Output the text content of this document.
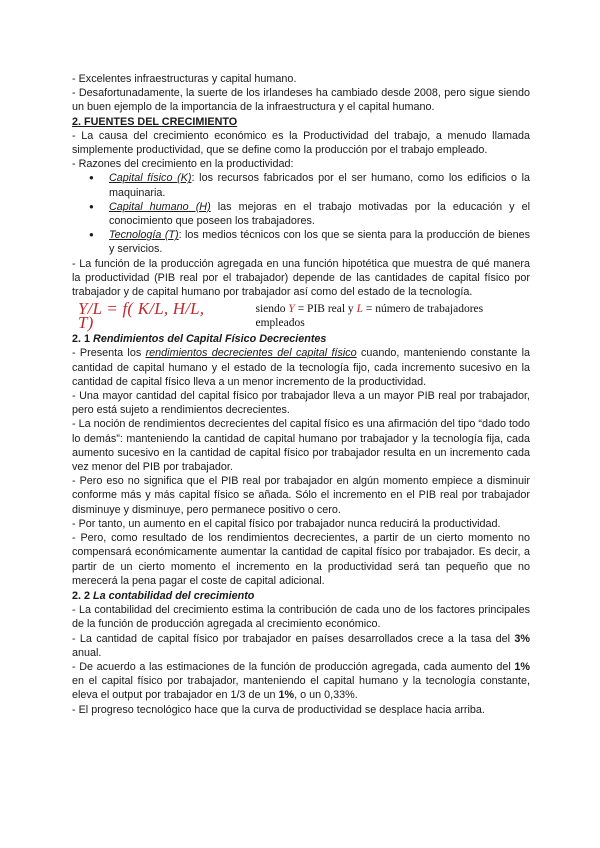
- Excelentes infraestructuras y capital humano.

- Desafortunadamente, la suerte de los irlandeses ha cambiado desde 2008, pero sigue siendo un buen ejemplo de la importancia de la infraestructura y el capital humano.

2. FUENTES DEL CRECIMIENTO

- La causa del crecimiento económico es la Productividad del trabajo, a menudo llamada simplemente productividad, que se define como la producción por el trabajo empleado.

- Razones del crecimiento en la productividad:

● Capital físico (K): los recursos fabricados por el ser humano, como los edificios o la maquinaria.
● Capital humano (H) las mejoras en el trabajo motivadas por la educación y el conocimiento que poseen los trabajadores.
● Tecnología (T): los medios técnicos con los que se sienta para la producción de bienes y servicios.

- La función de la producción agregada en una función hipotética que muestra de qué manera la productividad (PIB real por el trabajador) depende de las cantidades de capital físico por trabajador y de capital humano por trabajador así como del estado de la tecnología.

Y/L = f( K/L, H/L, T)
siendo Y = PIB real y L = número de trabajadores empleados

2. 1 Rendimientos del Capital Físico Decrecientes

- Presenta los rendimientos decrecientes del capital físico cuando, manteniendo constante la cantidad de capital humano y el estado de la tecnología fijo, cada incremento sucesivo en la cantidad de capital físico lleva a un menor incremento de la productividad.

- Una mayor cantidad del capital físico por trabajador lleva a un mayor PIB real por trabajador, pero está sujeto a rendimientos decrecientes.

- La noción de rendimientos decrecientes del capital físico es una afirmación del tipo “dado todo lo demás”: manteniendo la cantidad de capital humano por trabajador y la tecnología fija, cada aumento sucesivo en la cantidad de capital físico por trabajador resulta en un incremento cada vez menor del PIB por trabajador.

- Pero eso no significa que el PIB real por trabajador en algún momento empiece a disminuir conforme más y más capital físico se añada. Sólo el incremento en el PIB real por trabajador disminuye y disminuye, pero permanece positivo o cero.

- Por tanto, un aumento en el capital físico por trabajador nunca reducirá la productividad.

- Pero, como resultado de los rendimientos decrecientes, a partir de un cierto momento no compensará económicamente aumentar la cantidad de capital físico por trabajador. Es decir, a partir de un cierto momento el incremento en la productividad será tan pequeño que no merecerá la pena pagar el coste de capital adicional.

2. 2 La contabilidad del crecimiento

- La contabilidad del crecimiento estima la contribución de cada uno de los factores principales de la función de producción agregada al crecimiento económico.

- La cantidad de capital físico por trabajador en países desarrollados crece a la tasa del 3% anual.

- De acuerdo a las estimaciones de la función de producción agregada, cada aumento del 1% en el capital físico por trabajador, manteniendo el capital humano y la tecnología constante, eleva el output por trabajador en 1/3 de un 1%, o un 0,33%.

- El progreso tecnológico hace que la curva de productividad se desplace hacia arriba.
